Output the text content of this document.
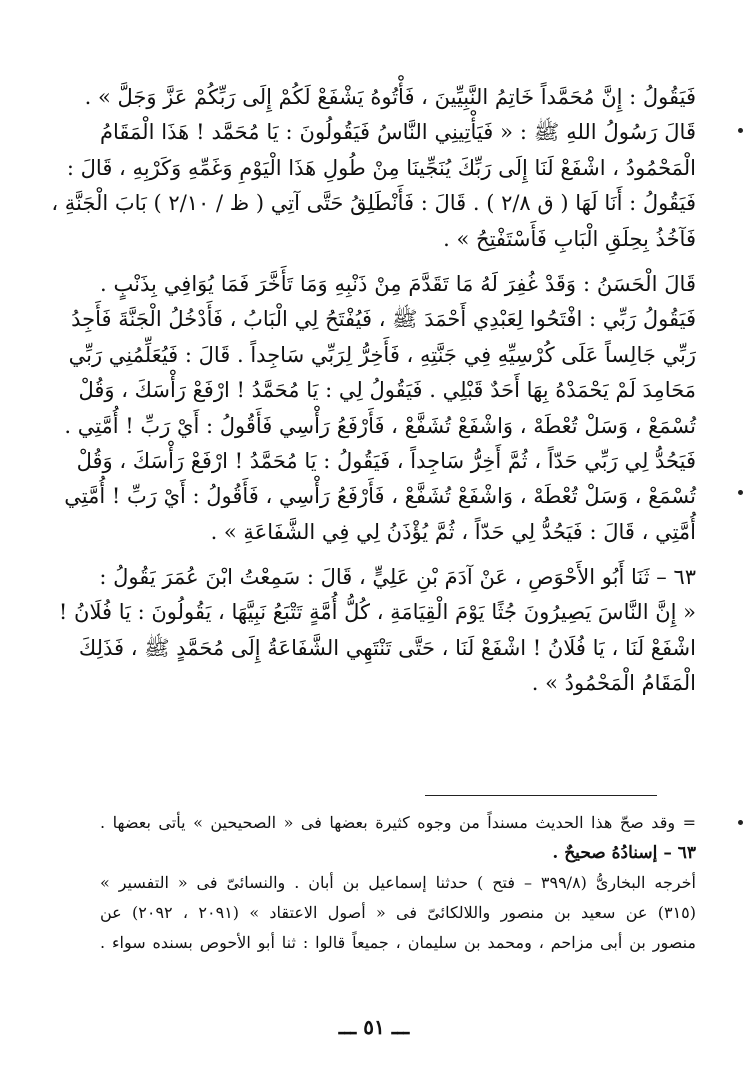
فَيَقُولُ : إِنَّ مُحَمَّداً خَاتِمُ النَّبِيِّينَ ، فَأْتُوهُ يَشْفَعْ لَكُمْ إِلَى رَبِّكُمْ عَزَّ وَجَلَّ » .
قَالَ رَسُولُ اللهِ ﷺ : « فَيَأْتِينِي النَّاسُ فَيَقُولُونَ : يَا مُحَمَّد ! هَذَا الْمَقَامُ
الْمَحْمُودُ ، اشْفَعْ لَنَا إِلَى رَبِّكَ يُنَجِّينَا مِنْ طُولِ هَذَا الْيَوْمِ وَغَمِّهِ وَكَرْبِهِ ، قَالَ :
فَيَقُولُ : أَنَا لَهَا ( ق ٢/٨ ) . قَالَ : فَأَنْطَلِقُ حَتَّى آتِي ( ظ / ٢/١٠ ) بَابَ الْجَنَّةِ ،
فَآخُذُ بِحِلَقِ الْبَابِ فَأَسْتَفْتِحُ » .
قَالَ الْحَسَنُ : وَقَدْ غُفِرَ لَهُ مَا تَقَدَّمَ مِنْ ذَنْبِهِ وَمَا تَأَخَّرَ فَمَا يُوَافِي بِذَنْبٍ .
فَيَقُولُ رَبِّي : افْتَحُوا لِعَبْدِي أَحْمَدَ ﷺ ، فَيُفْتَحُ لِي الْبَابُ ، فَأَدْخُلُ الْجَنَّةَ فَأَجِدُ
رَبِّي جَالِساً عَلَى كُرْسِيِّهِ فِي جَنَّتِهِ ، فَأَخِرُّ لِرَبِّي سَاجِداً . قَالَ : فَيُعَلِّمُنِي رَبِّي
مَحَامِدَ لَمْ يَحْمَدْهُ بِهَا أَحَدٌ قَبْلِي . فَيَقُولُ لِي : يَا مُحَمَّدُ ! ارْفَعْ رَأْسَكَ ، وَقُلْ
تُسْمَعْ ، وَسَلْ تُعْطَهْ ، وَاشْفَعْ تُشَفَّعْ ، فَأَرْفَعُ رَأْسِي فَأَقُولُ : أَيْ رَبِّ ! أُمَّتِي .
فَيَحُدُّ لِي رَبِّي حَدّاً ، ثُمَّ أَخِرُّ سَاجِداً ، فَيَقُولُ : يَا مُحَمَّدُ ! ارْفَعْ رَأْسَكَ ، وَقُلْ
تُسْمَعْ ، وَسَلْ تُعْطَهْ ، وَاشْفَعْ تُشَفَّعْ ، فَأَرْفَعُ رَأْسِي ، فَأَقُولُ : أَيْ رَبِّ ! أُمَّتِي
أُمَّتِي ، قَالَ : فَيَحُدُّ لِي حَدّاً ، ثُمَّ يُؤْذَنُ لِي فِي الشَّفَاعَةِ » .
٦٣ – ثَنَا أَبُو الأَحْوَصِ ، عَنْ آدَمَ بْنِ عَلِيٍّ ، قَالَ : سَمِعْتُ ابْنَ عُمَرَ يَقُولُ :
« إِنَّ النَّاسَ يَصِيرُونَ جُثًا يَوْمَ الْقِيَامَةِ ، كُلُّ أُمَّةٍ تَتْبَعُ نَبِيَّهَا ، يَقُولُونَ : يَا فُلَانُ !
اشْفَعْ لَنَا ، يَا فُلَانُ ! اشْفَعْ لَنَا ، حَتَّى تَنْتَهِي الشَّفَاعَةُ إِلَى مُحَمَّدٍ ﷺ ، فَذَلِكَ
الْمَقَامُ الْمَحْمُودُ » .
= وقد صحّ هذا الحديث مسنداً من وجوه كثيرة بعضها فى « الصحيحين » يأتى بعضها .
٦٣ – إسنادُهُ صحيحٌ .
أخرجه البخارىُّ (٣٩٩/٨ – فتح ) حدثنا إسماعيل بن أبان . والنسائىّ فى « التفسير »
(٣١٥) عن سعيد بن منصور واللالكائىّ فى « أصول الاعتقاد » (٢٠٩١ ، ٢٠٩٢) عن
منصور بن أبى مزاحم ، ومحمد بن سليمان ، جميعاً قالوا : ثنا أبو الأحوص بسنده سواء .
ـــ ٥١ ـــ
